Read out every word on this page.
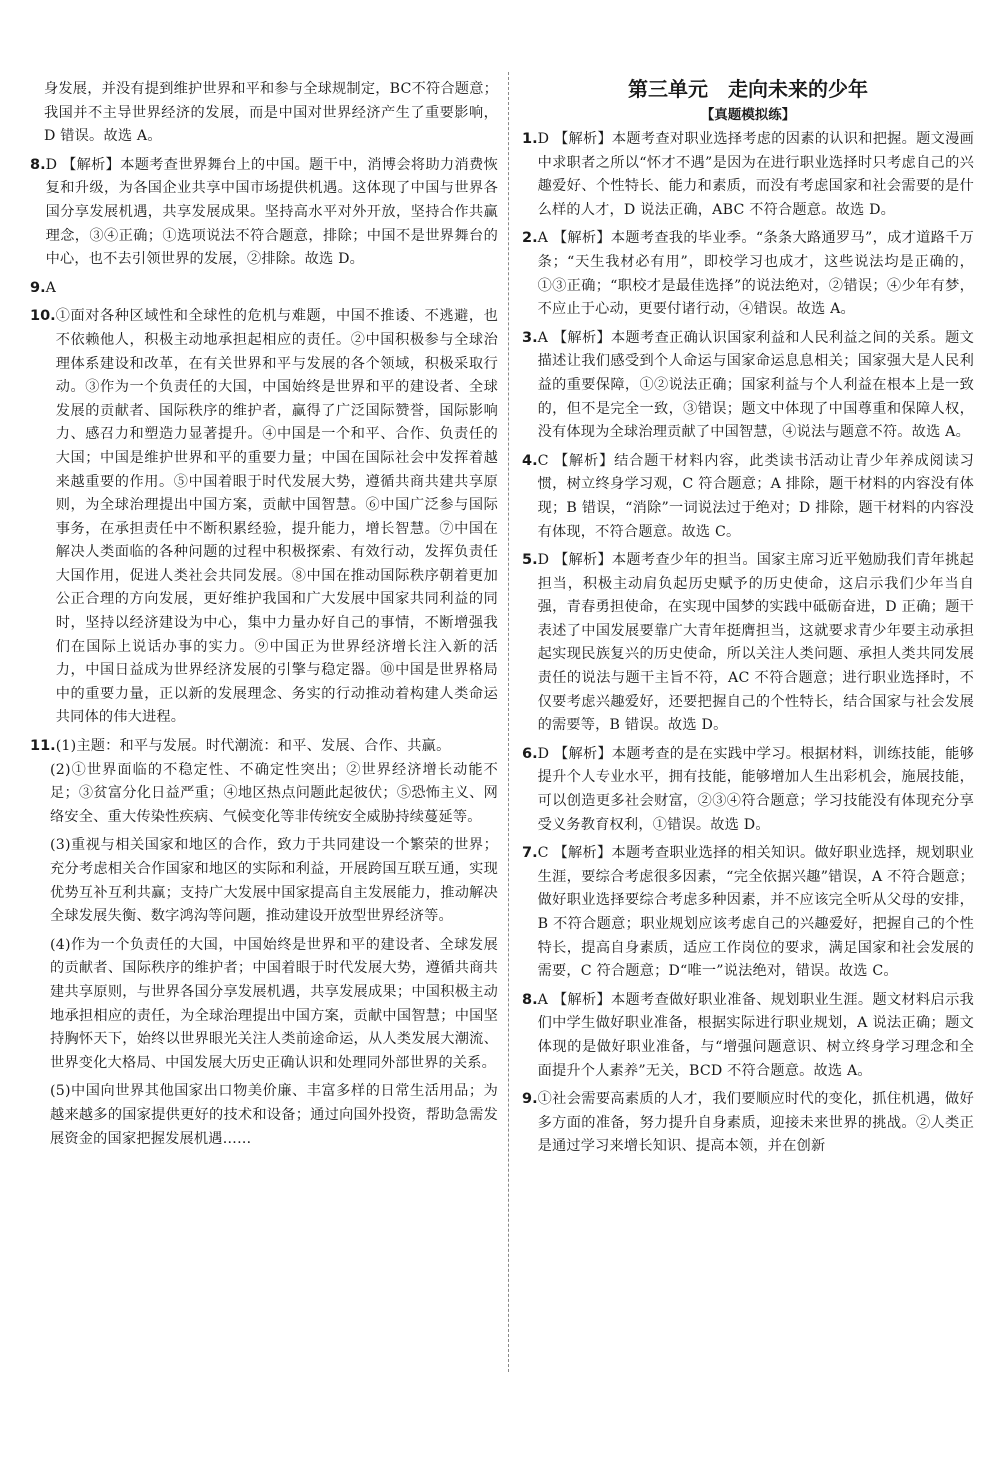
身发展，并没有提到维护世界和平和参与全球规制定，BC不符合题意；我国并不主导世界经济的发展，而是中国对世界经济产生了重要影响，D 错误。故选 A。

8. D 【解析】本题考查世界舞台上的中国。题干中，消博会将助力消费恢复和升级，为各国企业共享中国市场提供机遇。这体现了中国与世界各国分享发展机遇，共享发展成果。坚持高水平对外开放，坚持合作共赢理念，③④正确；①选项说法不符合题意，排除；中国不是世界舞台的中心，也不去引领世界的发展，②排除。故选 D。

9. A

10. ①面对各种区域性和全球性的危机与难题，中国不推诿、不逃避，也不依赖他人，积极主动地承担起相应的责任。②中国积极参与全球治理体系建设和改革，在有关世界和平与发展的各个领域，积极采取行动。③作为一个负责任的大国，中国始终是世界和平的建设者、全球发展的贡献者、国际秩序的维护者，赢得了广泛国际赞誉，国际影响力、感召力和塑造力显著提升。④中国是一个和平、合作、负责任的大国；中国是维护世界和平的重要力量；中国在国际社会中发挥着越来越重要的作用。⑤中国着眼于时代发展大势，遵循共商共建共享原则，为全球治理提出中国方案，贡献中国智慧。⑥中国广泛参与国际事务，在承担责任中不断积累经验，提升能力，增长智慧。⑦中国在解决人类面临的各种问题的过程中积极探索、有效行动，发挥负责任大国作用，促进人类社会共同发展。⑧中国在推动国际秩序朝着更加公正合理的方向发展，更好维护我国和广大发展中国家共同利益的同时，坚持以经济建设为中心，集中力量办好自己的事情，不断增强我们在国际上说话办事的实力。⑨中国正为世界经济增长注入新的活力，中国日益成为世界经济发展的引擎与稳定器。⑩中国是世界格局中的重要力量，正以新的发展理念、务实的行动推动着构建人类命运共同体的伟大进程。

11. (1)主题：和平与发展。时代潮流：和平、发展、合作、共赢。

(2)①世界面临的不稳定性、不确定性突出；②世界经济增长动能不足；③贫富分化日益严重；④地区热点问题此起彼伏；⑤恐怖主义、网络安全、重大传染性疾病、气候变化等非传统安全威胁持续蔓延等。

(3)重视与相关国家和地区的合作，致力于共同建设一个繁荣的世界；充分考虑相关合作国家和地区的实际和利益，开展跨国互联互通，实现优势互补互利共赢；支持广大发展中国家提高自主发展能力，推动解决全球发展失衡、数字鸿沟等问题，推动建设开放型世界经济等。

(4)作为一个负责任的大国，中国始终是世界和平的建设者、全球发展的贡献者、国际秩序的维护者；中国着眼于时代发展大势，遵循共商共建共享原则，与世界各国分享发展机遇，共享发展成果；中国积极主动地承担相应的责任，为全球治理提出中国方案，贡献中国智慧；中国坚持胸怀天下，始终以世界眼光关注人类前途命运，从人类发展大潮流、世界变化大格局、中国发展大历史正确认识和处理同外部世界的关系。

(5)中国向世界其他国家出口物美价廉、丰富多样的日常生活用品；为越来越多的国家提供更好的技术和设备；通过向国外投资，帮助急需发展资金的国家把握发展机遇……

第三单元　走向未来的少年
【真题模拟练】
1. D 【解析】本题考查对职业选择考虑的因素的认识和把握。题文漫画中求职者之所以“怀才不遇”是因为在进行职业选择时只考虑自己的兴趣爱好、个性特长、能力和素质，而没有考虑国家和社会需要的是什么样的人才，D 说法正确，ABC 不符合题意。故选 D。

2. A 【解析】本题考查我的毕业季。“条条大路通罗马”，成才道路千万条；“天生我材必有用”，即校学习也成才，这些说法均是正确的，①③正确；“职校才是最佳选择”的说法绝对，②错误；④少年有梦，不应止于心动，更要付诸行动，④错误。故选 A。

3. A 【解析】本题考查正确认识国家利益和人民利益之间的关系。题文描述让我们感受到个人命运与国家命运息息相关；国家强大是人民利益的重要保障，①②说法正确；国家利益与个人利益在根本上是一致的，但不是完全一致，③错误；题文中体现了中国尊重和保障人权，没有体现为全球治理贡献了中国智慧，④说法与题意不符。故选 A。

4. C 【解析】结合题干材料内容，此类读书活动让青少年养成阅读习惯，树立终身学习观，C 符合题意；A 排除，题干材料的内容没有体现；B 错误，“消除”一词说法过于绝对；D 排除，题干材料的内容没有体现，不符合题意。故选 C。

5. D 【解析】本题考查少年的担当。国家主席习近平勉励我们青年挑起担当，积极主动肩负起历史赋予的历史使命，这启示我们少年当自强，青春勇担使命，在实现中国梦的实践中砥砺奋进，D 正确；题干表述了中国发展要靠广大青年挺膺担当，这就要求青少年要主动承担起实现民族复兴的历史使命，所以关注人类问题、承担人类共同发展责任的说法与题干主旨不符，AC 不符合题意；进行职业选择时，不仅要考虑兴趣爱好，还要把握自己的个性特长，结合国家与社会发展的需要等，B 错误。故选 D。

6. D 【解析】本题考查的是在实践中学习。根据材料，训练技能，能够提升个人专业水平，拥有技能，能够增加人生出彩机会，施展技能，可以创造更多社会财富，②③④符合题意；学习技能没有体现充分享受义务教育权利，①错误。故选 D。

7. C 【解析】本题考查职业选择的相关知识。做好职业选择，规划职业生涯，要综合考虑很多因素，“完全依据兴趣”错误，A 不符合题意；做好职业选择要综合考虑多种因素，并不应该完全听从父母的安排，B 不符合题意；职业规划应该考虑自己的兴趣爱好，把握自己的个性特长，提高自身素质，适应工作岗位的要求，满足国家和社会发展的需要，C 符合题意；D“唯一”说法绝对，错误。故选 C。

8. A 【解析】本题考查做好职业准备、规划职业生涯。题文材料启示我们中学生做好职业准备，根据实际进行职业规划，A 说法正确；题文体现的是做好职业准备，与“增强问题意识、树立终身学习理念和全面提升个人素养”无关，BCD 不符合题意。故选 A。

9. ①社会需要高素质的人才，我们要顺应时代的变化，抓住机遇，做好多方面的准备，努力提升自身素质，迎接未来世界的挑战。②人类正是通过学习来增长知识、提高本领，并在创新
